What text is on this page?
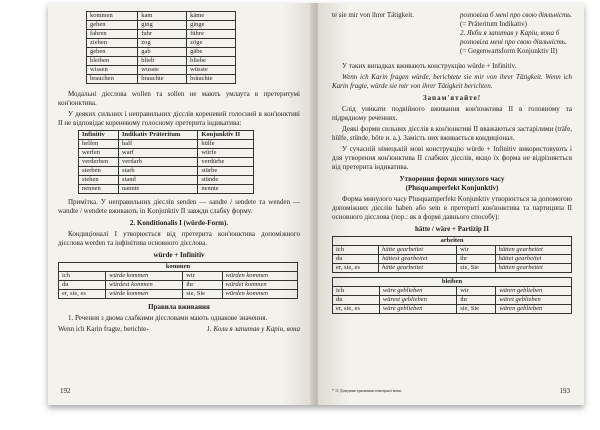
kommen	kam	käme
geben	ging	ginge
fahren	fuhr	führe
ziehen	zog	zöge
geben	gab	gäbe
bleiben	blieb	bliebe
wissen	wusste	wüsste
brauchen	brauchte	bräuchte

Модальні дієслова wollen та sollen не мають умлаута в претеритумі кон'юнктива.

У деяких сильних і неправильних дієслів кореневий голосний в кон'юнктиві II не відповідає кореневому голосному претерита індикатива:

Infinitiv	Indikativ Präteritum	Konjunktiv II
helfen	half	hülfe
werfen	warf	würfe
verderben	verdarb	verdürbe
sterben	starb	stürbe
stehen	stand	stünde
nennen	nannte	nennte

Примітка. У неправильних дієслів senden — sandte / sendete та wenden — wandte / wendete вживають in Konjunktiv II завжди слабку форму.

2. Konditionalis I (würde-Form).

Кондиціоналі I утворюється від претерита кон'юнктива допоміжного дієслова werden та інфінітива основного дієслова.

würde + Infinitiv

kommen			
ich	würde kommen	wir	würden kommen
du	würdest kommen	ihr	würdet kommen
er, sie, es	würde kommen	sie, Sie	würden kommen

Правила вживання

1. Речення з двома слабкими дієсловами мають однакове значення.

Wenn ich Karin fragte, berichte-	1. Коли я запитав у Карін, вона
192
te sie mir von ihrer Tätigkeit.	розповіла б мені про свою діяльність.
(= Präteritum Indikativ)
2. Якби я запитав у Карін, вона б розповіла мені про свою діяльність.
(= Gegenwartsform Konjunktiv II)

У таких випадках вживають конструкцію würde + Infinitiv.

Wenn ich Karin fragen würde, berichtete sie mir von ihrer Tätigkeit. Wenn ich Karin fragte, würde sie mir von ihrer Tätigkeit berichten.

Запам'ятайте!

Слід уникати подвійного вживання кон'юнктива II в головному та підрядному реченнях.

Деякі форми сильних дієслів в кон'юнктиві II вважаються застарілими (träfe, hülfe, stünde, böte и. а.). Замість них вживається кондиціонал.

У сучасній німецькій мові конструкцію würde + Infinitiv використовують і для утворення кон'юнктива II слабких дієслів, якщо їх форма не відрізняється від претерита індикатива.

Утворення форми минулого часу

(Plusquamperfekt Konjunktiv)

Форма минулого часу Plusquamperfekt Konjunktiv утворюється за допомогою допоміжних дієслів haben або sein в претериті кон'юнктива та партиципа II основного дієслова (пор.: як в формі давнього способу):

hätte / wäre + Partizip II

arbeiten			
ich	hätte gearbeitet	wir	hätten gearbeitet
du	hättest gearbeitet	ihr	hättet gearbeitet
er, sie, es	hätte gearbeitet	sie, Sie	hätten gearbeitet
bleiben			
ich	wäre geblieben	wir	wären geblieben
du	wärest geblieben	ihr	wäret geblieben
er, sie, es	wäre geblieben	sie, Sie	wären geblieben
* 11 Довідник граматики німецької мови	193
